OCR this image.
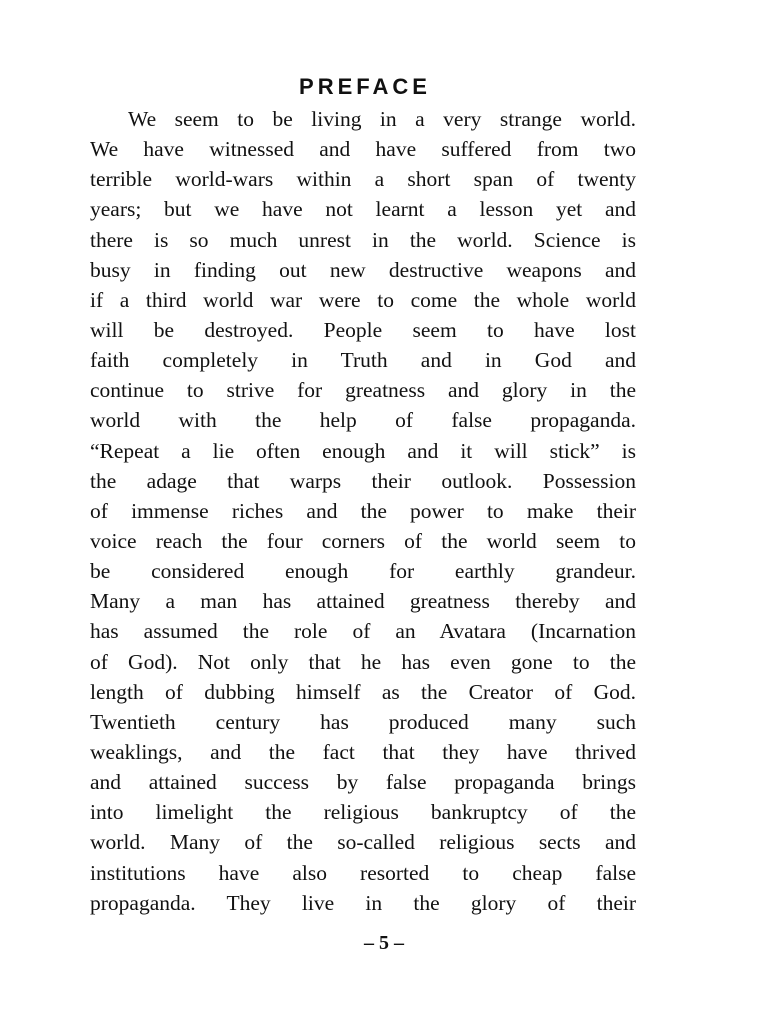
PREFACE
We seem to be living in a very strange world.
We have witnessed and have suffered from two
terrible world-wars within a short span of twenty
years; but we have not learnt a lesson yet and
there is so much unrest in the world. Science is
busy in finding out new destructive weapons and
if a third world war were to come the whole world
will be destroyed. People seem to have lost
faith completely in Truth and in God and
continue to strive for greatness and glory in the
world with the help of false propaganda.
“Repeat a lie often enough and it will stick” is
the adage that warps their outlook. Possession
of immense riches and the power to make their
voice reach the four corners of the world seem to
be considered enough for earthly grandeur.
Many a man has attained greatness thereby and
has assumed the role of an Avatara (Incarnation
of God). Not only that he has even gone to the
length of dubbing himself as the Creator of God.
Twentieth century has produced many such
weaklings, and the fact that they have thrived
and attained success by false propaganda brings
into limelight the religious bankruptcy of the
world. Many of the so-called religious sects and
institutions have also resorted to cheap false
propaganda. They live in the glory of their
– 5 –
